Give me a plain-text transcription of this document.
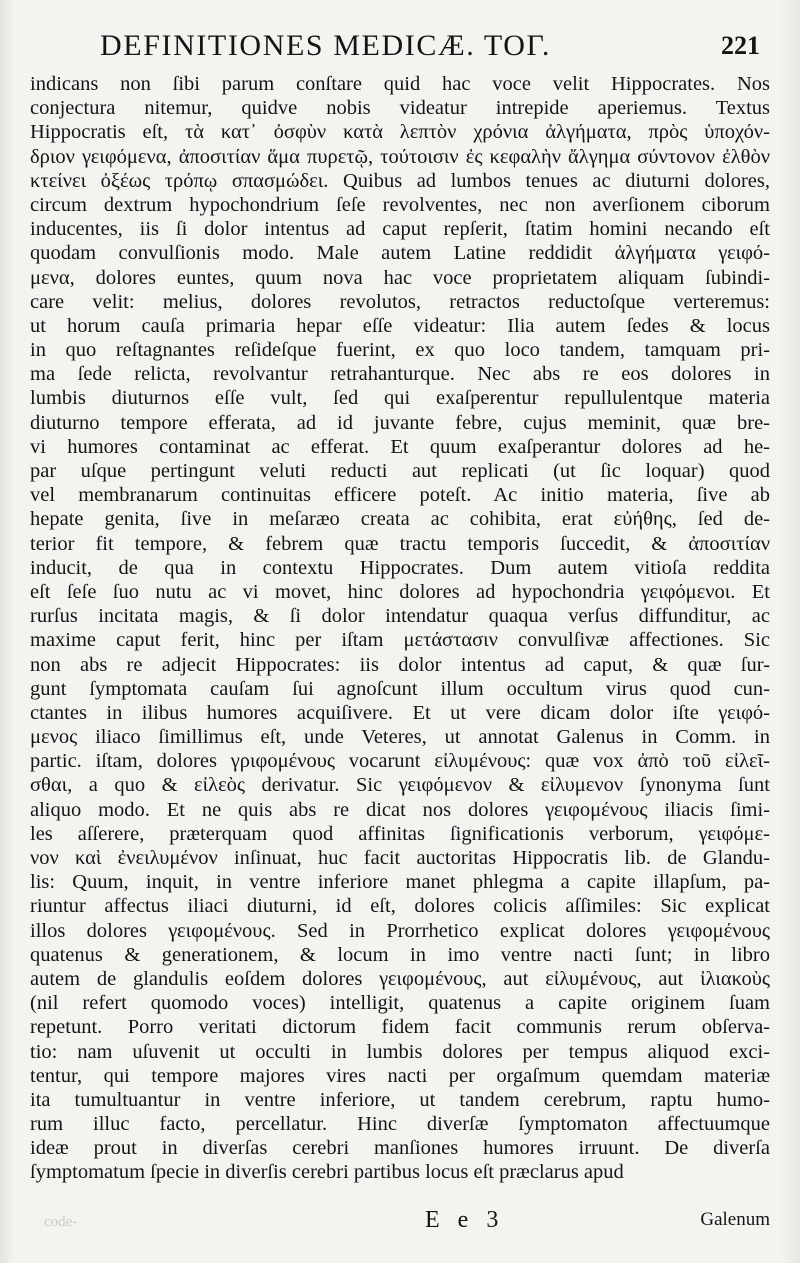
DEFINITIONES MEDICÆ. TOΓ.	221
indicans non ſibi parum conſtare quid hac voce velit Hippocrates. Nos
conjectura nitemur, quidve nobis videatur intrepide aperiemus. Textus
Hippocratis eſt, τὰ κατ᾽ ὀσφὺν κατὰ λεπτὸν χρόνια ἀλγήματα, πρὸς ὑποχόν-
δριον γειφόμενα, ἀποσιτίαν ἅμα πυρετῷ, τούτοισιν ἐς κεφαλὴν ἄλγημα σύντονον ἐλθὸν
κτείνει ὀξέως τρόπῳ σπασμώδει. Quibus ad lumbos tenues ac diuturni dolores,
circum dextrum hypochondrium ſeſe revolventes, nec non averſionem ciborum
inducentes, iis ſi dolor intentus ad caput repſerit, ſtatim homini necando eſt
quodam convulſionis modo. Male autem Latine reddidit ἀλγήματα γειφό-
μενα, dolores euntes, quum nova hac voce proprietatem aliquam ſubindi-
care velit: melius, dolores revolutos, retractos reductoſque verteremus:
ut horum cauſa primaria hepar eſſe videatur: Ilia autem ſedes & locus
in quo reſtagnantes reſideſque fuerint, ex quo loco tandem, tamquam pri-
ma ſede relicta, revolvantur retrahanturque. Nec abs re eos dolores in
lumbis diuturnos eſſe vult, ſed qui exaſperentur repullulentque materia
diuturno tempore efferata, ad id juvante febre, cujus meminit, quæ bre-
vi humores contaminat ac efferat. Et quum exaſperantur dolores ad he-
par uſque pertingunt veluti reducti aut replicati (ut ſic loquar) quod
vel membranarum continuitas efficere poteſt. Ac initio materia, ſive ab
hepate genita, ſive in meſaræo creata ac cohibita, erat εὐήθης, ſed de-
terior fit tempore, & febrem quæ tractu temporis ſuccedit, & ἀποσιτίαν
inducit, de qua in contextu Hippocrates. Dum autem vitioſa reddita
eſt ſeſe ſuo nutu ac vi movet, hinc dolores ad hypochondria γειφόμενοι. Et
rurſus incitata magis, & ſi dolor intendatur quaqua verſus diffunditur, ac
maxime caput ferit, hinc per iſtam μετάστασιν convulſivæ affectiones. Sic
non abs re adjecit Hippocrates: iis dolor intentus ad caput, & quæ ſur-
gunt ſymptomata cauſam ſui agnoſcunt illum occultum virus quod cun-
ctantes in ilibus humores acquiſivere. Et ut vere dicam dolor iſte γειφό-
μενος iliaco ſimillimus eſt, unde Veteres, ut annotat Galenus in Comm. in
partic. iſtam, dolores γριφομένους vocarunt εἰλυμένους: quæ vox ἀπὸ τοῦ εἰλεῖ-
σθαι, a quo & εἰλεὸς derivatur. Sic γειφόμενον & εἰλυμενον ſynonyma ſunt
aliquo modo. Et ne quis abs re dicat nos dolores γειφομένους iliacis ſimi-
les aſſerere, præterquam quod affinitas ſignificationis verborum, γειφόμε-
νον καὶ ἐνειλυμένον inſinuat, huc facit auctoritas Hippocratis lib. de Glandu-
lis: Quum, inquit, in ventre inferiore manet phlegma a capite illapſum, pa-
riuntur affectus iliaci diuturni, id eſt, dolores colicis aſſimiles: Sic explicat
illos dolores γειφομένους. Sed in Prorrhetico explicat dolores γειφομένους
quatenus & generationem, & locum in imo ventre nacti ſunt; in libro
autem de glandulis eoſdem dolores γειφομένους, aut εἰλυμένους, aut ἰλιακοὺς
(nil refert quomodo voces) intelligit, quatenus a capite originem ſuam
repetunt. Porro veritati dictorum fidem facit communis rerum obſerva-
tio: nam uſuvenit ut occulti in lumbis dolores per tempus aliquod exci-
tentur, qui tempore majores vires nacti per orgaſmum quemdam materiæ
ita tumultuantur in ventre inferiore, ut tandem cerebrum, raptu humo-
rum illuc facto, percellatur. Hinc diverſæ ſymptomaton affectuumque
ideæ prout in diverſas cerebri manſiones humores irruunt. De diverſa
ſymptomatum ſpecie in diverſis cerebri partibus locus eſt præclarus apud
E e 3	Galenum
code-
